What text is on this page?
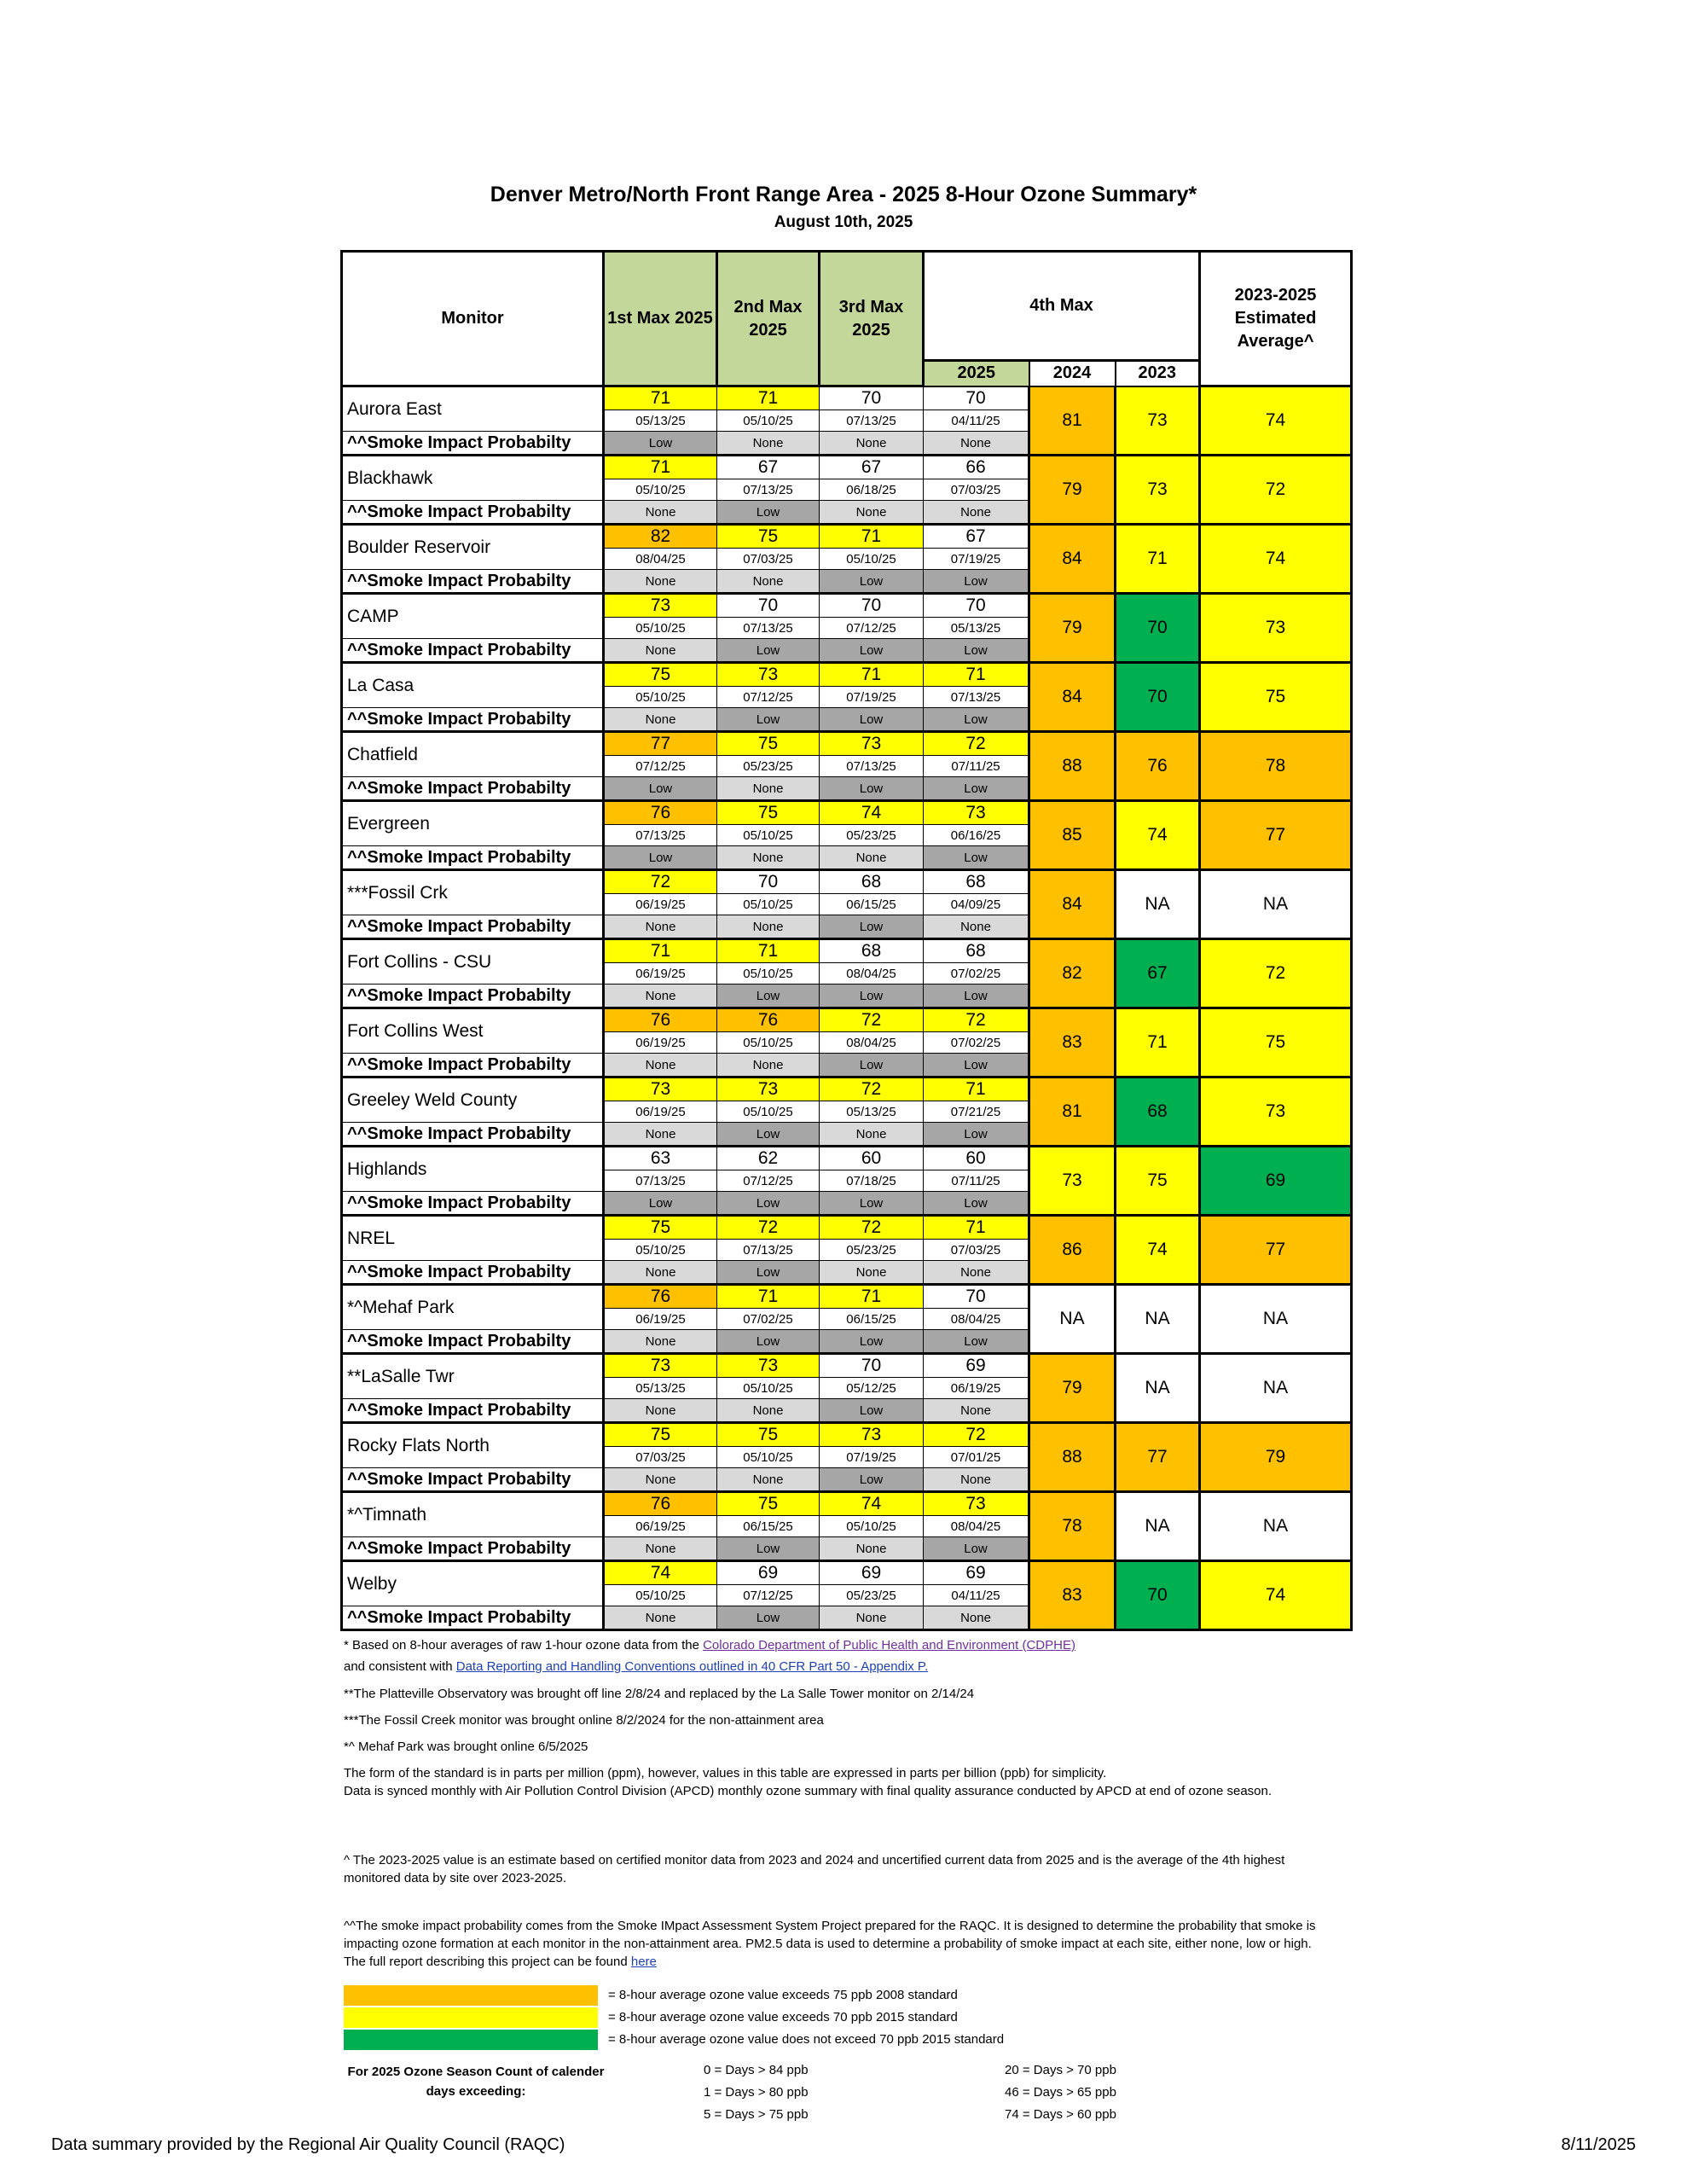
Denver Metro/North Front Range Area - 2025 8-Hour Ozone Summary*
August 10th, 2025
Monitor	1st Max 2025	2nd Max 2025	3rd Max 2025	4th Max			2023-2025 Estimated Average^
				2025	2024	2023	
Aurora East	71	71	70	70	81	73	74
	05/13/25	05/10/25	07/13/25	04/11/25			
^^Smoke Impact Probabilty	Low	None	None	None			
Blackhawk	71	67	67	66	79	73	72
	05/10/25	07/13/25	06/18/25	07/03/25			
^^Smoke Impact Probabilty	None	Low	None	None			
Boulder Reservoir	82	75	71	67	84	71	74
	08/04/25	07/03/25	05/10/25	07/19/25			
^^Smoke Impact Probabilty	None	None	Low	Low			
CAMP	73	70	70	70	79	70	73
	05/10/25	07/13/25	07/12/25	05/13/25			
^^Smoke Impact Probabilty	None	Low	Low	Low			
La Casa	75	73	71	71	84	70	75
	05/10/25	07/12/25	07/19/25	07/13/25			
^^Smoke Impact Probabilty	None	Low	Low	Low			
Chatfield	77	75	73	72	88	76	78
	07/12/25	05/23/25	07/13/25	07/11/25			
^^Smoke Impact Probabilty	Low	None	Low	Low			
Evergreen	76	75	74	73	85	74	77
	07/13/25	05/10/25	05/23/25	06/16/25			
^^Smoke Impact Probabilty	Low	None	None	Low			
***Fossil Crk	72	70	68	68	84	NA	NA
	06/19/25	05/10/25	06/15/25	04/09/25			
^^Smoke Impact Probabilty	None	None	Low	None			
Fort Collins - CSU	71	71	68	68	82	67	72
	06/19/25	05/10/25	08/04/25	07/02/25			
^^Smoke Impact Probabilty	None	Low	Low	Low			
Fort Collins West	76	76	72	72	83	71	75
	06/19/25	05/10/25	08/04/25	07/02/25			
^^Smoke Impact Probabilty	None	None	Low	Low			
Greeley Weld County	73	73	72	71	81	68	73
	06/19/25	05/10/25	05/13/25	07/21/25			
^^Smoke Impact Probabilty	None	Low	None	Low			
Highlands	63	62	60	60	73	75	69
	07/13/25	07/12/25	07/18/25	07/11/25			
^^Smoke Impact Probabilty	Low	Low	Low	Low			
NREL	75	72	72	71	86	74	77
	05/10/25	07/13/25	05/23/25	07/03/25			
^^Smoke Impact Probabilty	None	Low	None	None			
*^Mehaf Park	76	71	71	70	NA	NA	NA
	06/19/25	07/02/25	06/15/25	08/04/25			
^^Smoke Impact Probabilty	None	Low	Low	Low			
**LaSalle Twr	73	73	70	69	79	NA	NA
	05/13/25	05/10/25	05/12/25	06/19/25			
^^Smoke Impact Probabilty	None	None	Low	None			
Rocky Flats North	75	75	73	72	88	77	79
	07/03/25	05/10/25	07/19/25	07/01/25			
^^Smoke Impact Probabilty	None	None	Low	None			
*^Timnath	76	75	74	73	78	NA	NA
	06/19/25	06/15/25	05/10/25	08/04/25			
^^Smoke Impact Probabilty	None	Low	None	Low			
Welby	74	69	69	69	83	70	74
	05/10/25	07/12/25	05/23/25	04/11/25			
^^Smoke Impact Probabilty	None	Low	None	None			
* Based on 8-hour averages of raw 1-hour ozone data from the Colorado Department of Public Health and Environment (CDPHE)
and consistent with Data Reporting and Handling Conventions outlined in 40 CFR Part 50 - Appendix P.
**The Platteville Observatory was brought off line 2/8/24 and replaced by the La Salle Tower monitor on 2/14/24
***The Fossil Creek monitor was brought online 8/2/2024 for the non-attainment area
*^ Mehaf Park was brought online 6/5/2025
The form of the standard is in parts per million (ppm), however, values in this table are expressed in parts per billion (ppb) for simplicity.
Data is synced monthly with Air Pollution Control Division (APCD) monthly ozone summary with final quality assurance conducted by APCD at end of ozone season.
^ The 2023-2025 value is an estimate based on certified monitor data from 2023 and 2024 and uncertified current data from 2025 and is the average of the 4th highest monitored data by site over 2023-2025.
^^The smoke impact probability comes from the Smoke IMpact Assessment System Project prepared for the RAQC. It is designed to determine the probability that smoke is impacting ozone formation at each monitor in the non-attainment area. PM2.5 data is used to determine a probability of smoke impact at each site, either none, low or high. The full report describing this project can be found here
= 8-hour average ozone value exceeds 75 ppb 2008 standard
= 8-hour average ozone value exceeds 70 ppb 2015 standard
= 8-hour average ozone value does not exceed 70 ppb 2015 standard
For 2025 Ozone Season Count of calender days exceeding:
0 = Days > 84 ppb
1 = Days > 80 ppb
5 = Days > 75 ppb
20 = Days > 70 ppb
46 = Days > 65 ppb
74 = Days > 60 ppb
Data summary provided by the Regional Air Quality Council (RAQC)	8/11/2025
